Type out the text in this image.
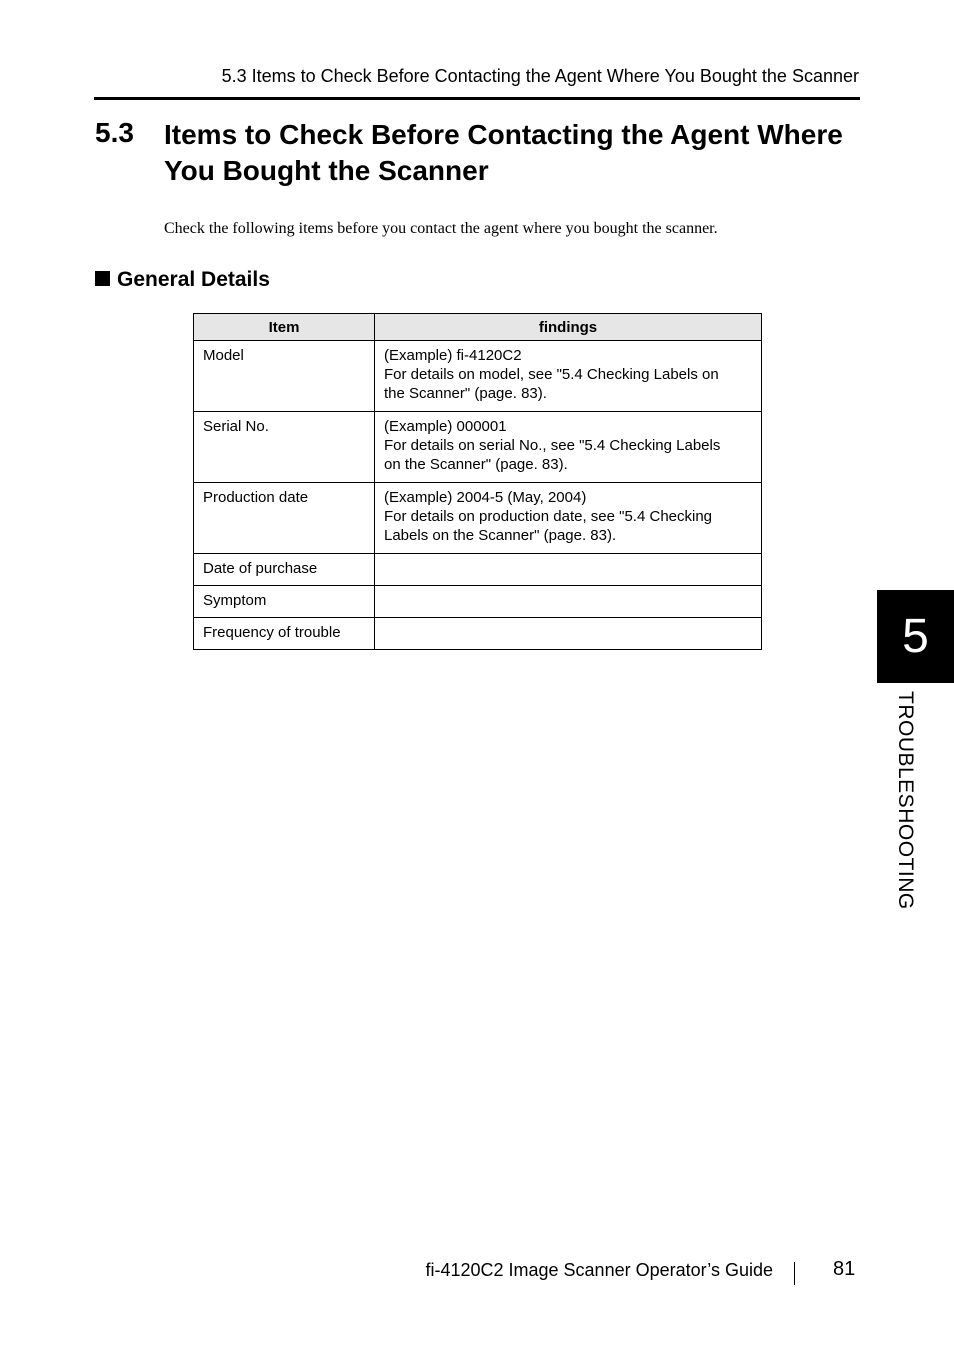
5.3 Items to Check Before Contacting the Agent Where You Bought the Scanner
5.3 Items to Check Before Contacting the Agent Where You Bought the Scanner
Check the following items before you contact the agent where you bought the scanner.
General Details
Item	findings
Model	(Example) fi-4120C2
For details on model, see "5.4 Checking Labels on
the Scanner" (page. 83).

Serial No.	(Example) 000001
For details on serial No., see "5.4 Checking Labels
on the Scanner" (page. 83).

Production date	(Example) 2004-5 (May, 2004)
For details on production date, see "5.4 Checking
Labels on the Scanner" (page. 83).

Date of purchase	
Symptom	
Frequency of trouble		5
TROUBLESHOOTING
fi-4120C2 Image Scanner Operator’s Guide	81
